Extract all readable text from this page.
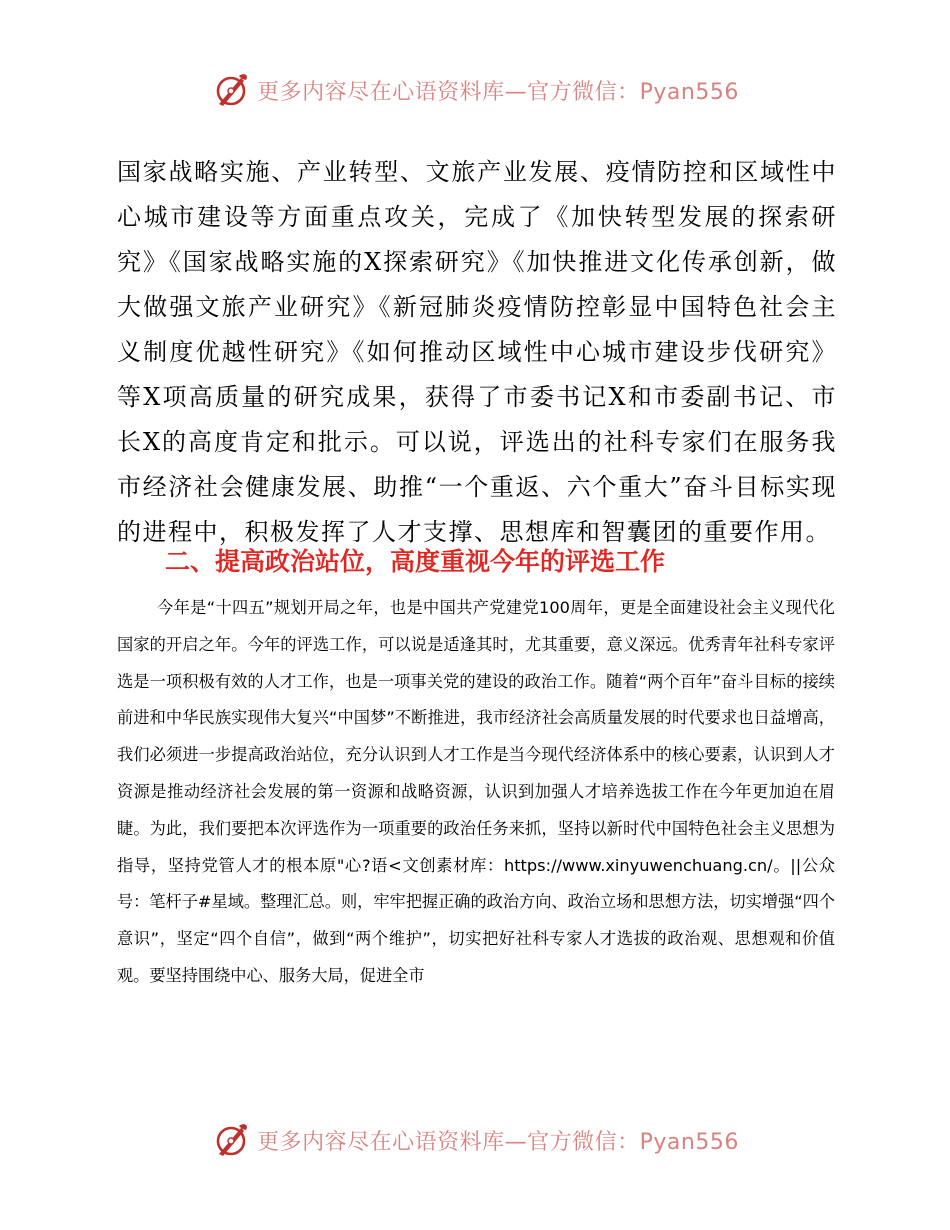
更多内容尽在心语资料库—官方微信：Pyan556

国家战略实施、产业转型、文旅产业发展、疫情防控和区域性中心城市建设等方面重点攻关，完成了《加快转型发展的探索研究》《国家战略实施的X探索研究》《加快推进文化传承创新，做大做强文旅产业研究》《新冠肺炎疫情防控彰显中国特色社会主义制度优越性研究》《如何推动区域性中心城市建设步伐研究》等X项高质量的研究成果，获得了市委书记X和市委副书记、市长X的高度肯定和批示。可以说，评选出的社科专家们在服务我市经济社会健康发展、助推“一个重返、六个重大”奋斗目标实现的进程中，积极发挥了人才支撑、思想库和智囊团的重要作用。

二、提高政治站位，高度重视今年的评选工作

今年是“十四五”规划开局之年，也是中国共产党建党100周年，更是全面建设社会主义现代化国家的开启之年。今年的评选工作，可以说是适逢其时，尤其重要，意义深远。优秀青年社科专家评选是一项积极有效的人才工作，也是一项事关党的建设的政治工作。随着“两个百年”奋斗目标的接续前进和中华民族实现伟大复兴“中国梦”不断推进，我市经济社会高质量发展的时代要求也日益增高，我们必须进一步提高政治站位，充分认识到人才工作是当今现代经济体系中的核心要素，认识到人才资源是推动经济社会发展的第一资源和战略资源，认识到加强人才培养选拔工作在今年更加迫在眉睫。为此，我们要把本次评选作为一项重要的政治任务来抓，坚持以新时代中国特色社会主义思想为指导，坚持党管人才的根本原"心?语<文创素材库：https://www.xinyuwenchuang.cn/。||公众号：笔杆子#星域。整理汇总。则，牢牢把握正确的政治方向、政治立场和思想方法，切实增强“四个意识”，坚定“四个自信”，做到“两个维护”，切实把好社科专家人才选拔的政治观、思想观和价值观。要坚持围绕中心、服务大局，促进全市

更多内容尽在心语资料库—官方微信：Pyan556
